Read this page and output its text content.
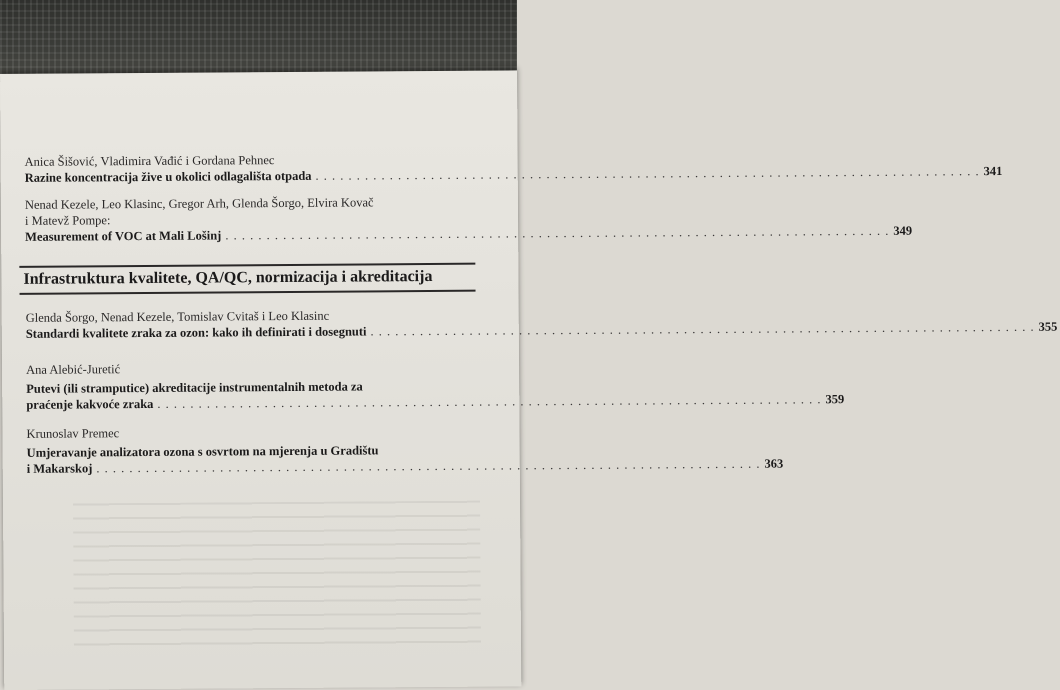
Anica Šišović, Vladimira Vađić i Gordana Pehnec
Razine koncentracija žive u okolici odlagališta otpada . . . . . . . . . . . . . . . . . . . . . . . . . . . . . . . . . . . . . . . . . . . . . . . . . . . . . . . . . . . . . . . . . . . . . . . . . . . . . . . . . 341
Nenad Kezele, Leo Klasinc, Gregor Arh, Glenda Šorgo, Elvira Kovač
i Matevž Pompe:
Measurement of VOC at Mali Lošinj . . . . . . . . . . . . . . . . . . . . . . . . . . . . . . . . . . . . . . . . . . . . . . . . . . . . . . . . . . . . . . . . . . . . . . . . . . . . . . . . . 349
Infrastruktura kvalitete, QA/QC, normizacija i akreditacija
Glenda Šorgo, Nenad Kezele, Tomislav Cvitaš i Leo Klasinc
Standardi kvalitete zraka za ozon: kako ih definirati i dosegnuti . . . . . . . . . . . . . . . . . . . . . . . . . . . . . . . . . . . . . . . . . . . . . . . . . . . . . . . . . . . . . . . . . . . . . . . . . . . . . . . . . 355
Ana Alebić-Juretić
Putevi (ili stramputice) akreditacije instrumentalnih metoda za
praćenje kakvoće zraka . . . . . . . . . . . . . . . . . . . . . . . . . . . . . . . . . . . . . . . . . . . . . . . . . . . . . . . . . . . . . . . . . . . . . . . . . . . . . . . . . 359
Krunoslav Premec
Umjeravanje analizatora ozona s osvrtom na mjerenja u Gradištu
i Makarskoj . . . . . . . . . . . . . . . . . . . . . . . . . . . . . . . . . . . . . . . . . . . . . . . . . . . . . . . . . . . . . . . . . . . . . . . . . . . . . . . . . 363
